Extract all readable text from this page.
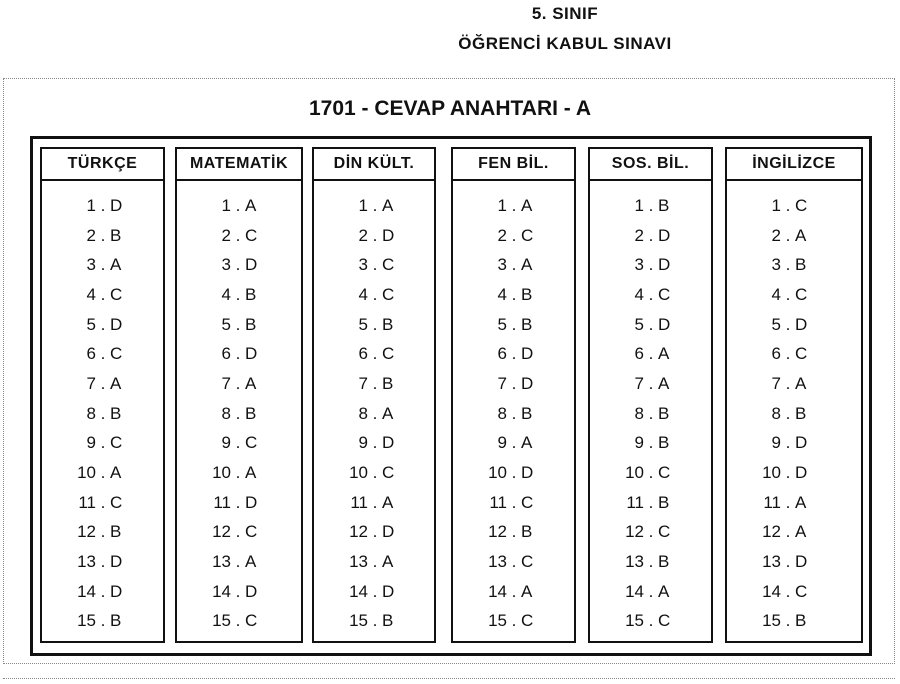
5. SINIF
ÖĞRENCİ KABUL SINAVI
1701 - CEVAP ANAHTARI - A
TÜRKÇE
1 . D
2 . B
3 . A
4 . C
5 . D
6 . C
7 . A
8 . B
9 . C
10 . A
11 . C
12 . B
13 . D
14 . D
15 . B
MATEMATİK
1 . A
2 . C
3 . D
4 . B
5 . B
6 . D
7 . A
8 . B
9 . C
10 . A
11 . D
12 . C
13 . A
14 . D
15 . C
DİN KÜLT.
1 . A
2 . D
3 . C
4 . C
5 . B
6 . C
7 . B
8 . A
9 . D
10 . C
11 . A
12 . D
13 . A
14 . D
15 . B
FEN BİL.
1 . A
2 . C
3 . A
4 . B
5 . B
6 . D
7 . D
8 . B
9 . A
10 . D
11 . C
12 . B
13 . C
14 . A
15 . C
SOS. BİL.
1 . B
2 . D
3 . D
4 . C
5 . D
6 . A
7 . A
8 . B
9 . B
10 . C
11 . B
12 . C
13 . B
14 . A
15 . C
İNGİLİZCE
1 . C
2 . A
3 . B
4 . C
5 . D
6 . C
7 . A
8 . B
9 . D
10 . D
11 . A
12 . A
13 . D
14 . C
15 . B
